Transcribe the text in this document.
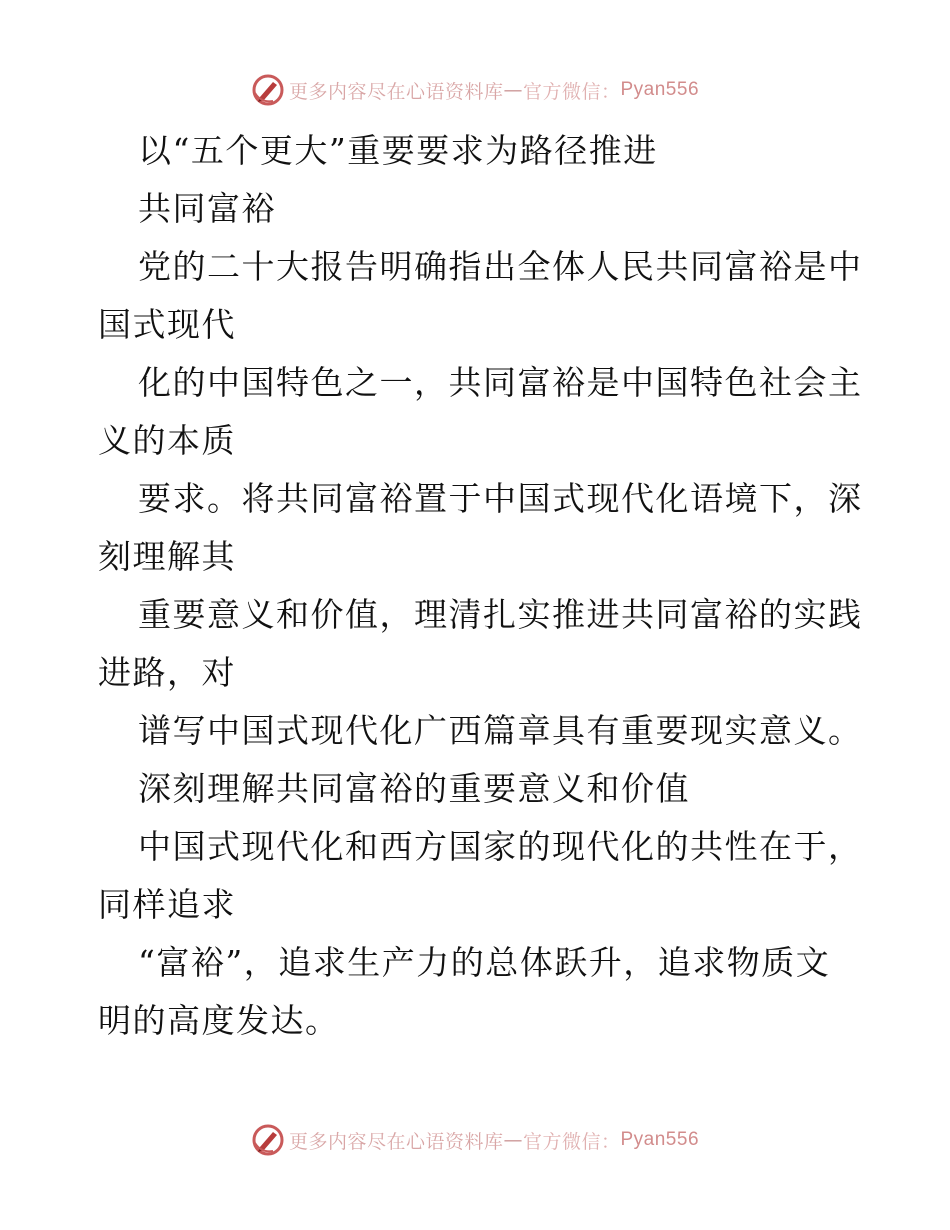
更多内容尽在心语资料库 — 官方微信： Pyan556
以“五个更大”重要要求为路径推进
共同富裕
党的二十大报告明确指出全体人民共同富裕是中
国式现代
化的中国特色之一，共同富裕是中国特色社会主
义的本质
要求。将共同富裕置于中国式现代化语境下，深
刻理解其
重要意义和价值，理清扎实推进共同富裕的实践
进路，对
谱写中国式现代化广西篇章具有重要现实意义。
深刻理解共同富裕的重要意义和价值
中国式现代化和西方国家的现代化的共性在于，
同样追求
“富裕”，追求生产力的总体跃升，追求物质文
明的高度发达。
更多内容尽在心语资料库 — 官方微信： Pyan556
